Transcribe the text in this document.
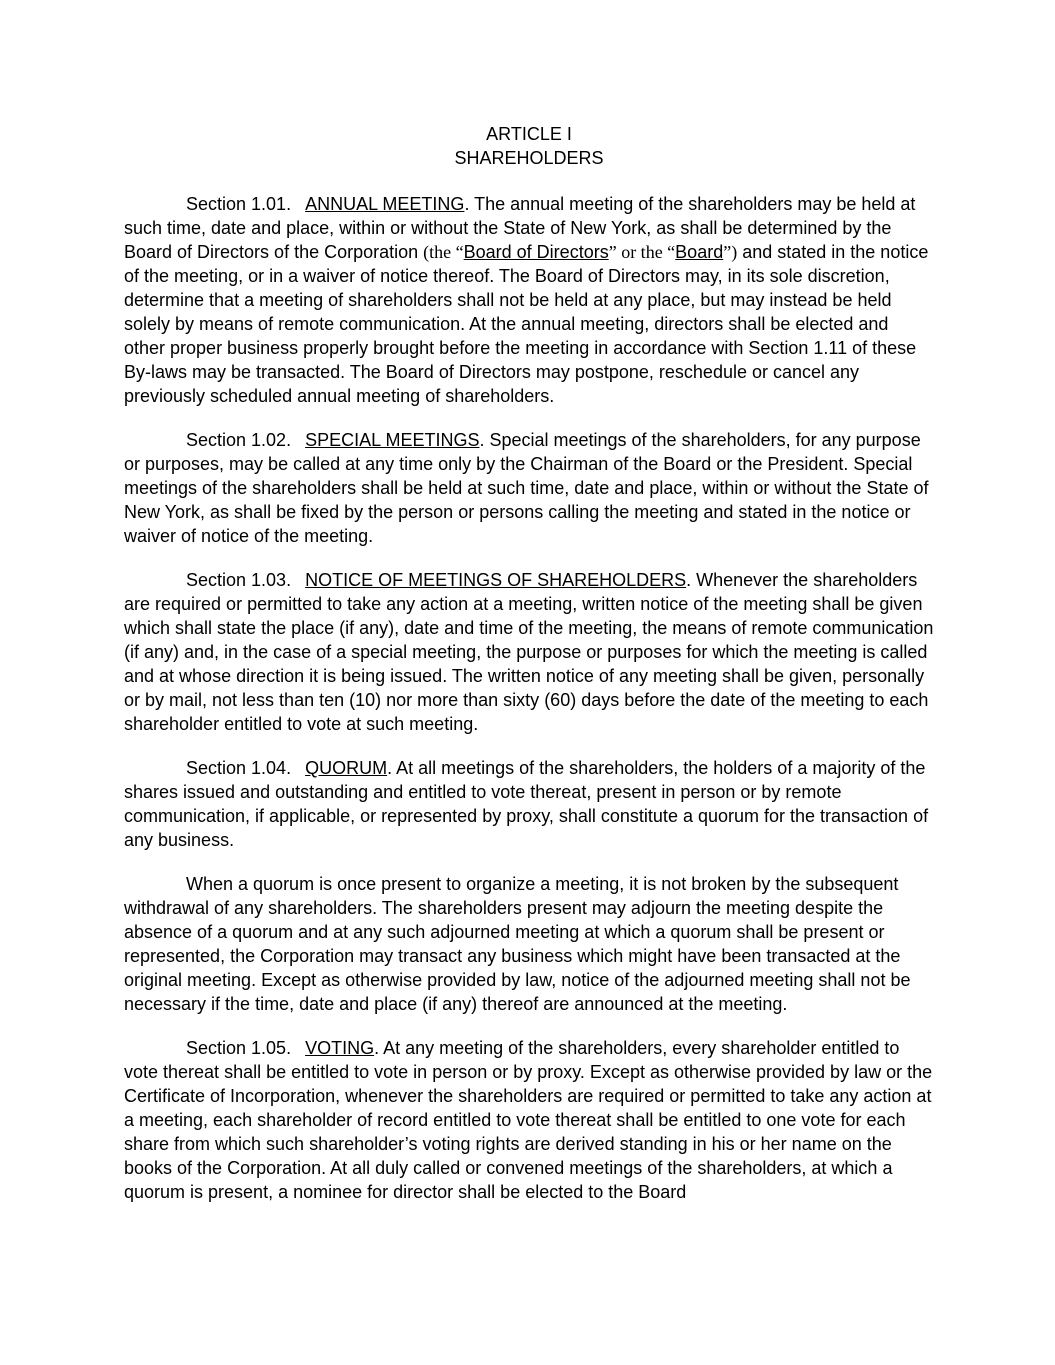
ARTICLE I

SHAREHOLDERS

Section 1.01. ANNUAL MEETING. The annual meeting of the shareholders may be held at such time, date and place, within or without the State of New York, as shall be determined by the Board of Directors of the Corporation (the “Board of Directors” or the “Board”) and stated in the notice of the meeting, or in a waiver of notice thereof. The Board of Directors may, in its sole discretion, determine that a meeting of shareholders shall not be held at any place, but may instead be held solely by means of remote communication. At the annual meeting, directors shall be elected and other proper business properly brought before the meeting in accordance with Section 1.11 of these By-laws may be transacted. The Board of Directors may postpone, reschedule or cancel any previously scheduled annual meeting of shareholders.

Section 1.02. SPECIAL MEETINGS. Special meetings of the shareholders, for any purpose or purposes, may be called at any time only by the Chairman of the Board or the President. Special meetings of the shareholders shall be held at such time, date and place, within or without the State of New York, as shall be fixed by the person or persons calling the meeting and stated in the notice or waiver of notice of the meeting.

Section 1.03. NOTICE OF MEETINGS OF SHAREHOLDERS. Whenever the shareholders are required or permitted to take any action at a meeting, written notice of the meeting shall be given which shall state the place (if any), date and time of the meeting, the means of remote communication (if any) and, in the case of a special meeting, the purpose or purposes for which the meeting is called and at whose direction it is being issued. The written notice of any meeting shall be given, personally or by mail, not less than ten (10) nor more than sixty (60) days before the date of the meeting to each shareholder entitled to vote at such meeting.

Section 1.04. QUORUM. At all meetings of the shareholders, the holders of a majority of the shares issued and outstanding and entitled to vote thereat, present in person or by remote communication, if applicable, or represented by proxy, shall constitute a quorum for the transaction of any business.

When a quorum is once present to organize a meeting, it is not broken by the subsequent withdrawal of any shareholders. The shareholders present may adjourn the meeting despite the absence of a quorum and at any such adjourned meeting at which a quorum shall be present or represented, the Corporation may transact any business which might have been transacted at the original meeting. Except as otherwise provided by law, notice of the adjourned meeting shall not be necessary if the time, date and place (if any) thereof are announced at the meeting.

Section 1.05. VOTING. At any meeting of the shareholders, every shareholder entitled to vote thereat shall be entitled to vote in person or by proxy. Except as otherwise provided by law or the Certificate of Incorporation, whenever the shareholders are required or permitted to take any action at a meeting, each shareholder of record entitled to vote thereat shall be entitled to one vote for each share from which such shareholder’s voting rights are derived standing in his or her name on the books of the Corporation. At all duly called or convened meetings of the shareholders, at which a quorum is present, a nominee for director shall be elected to the Board
